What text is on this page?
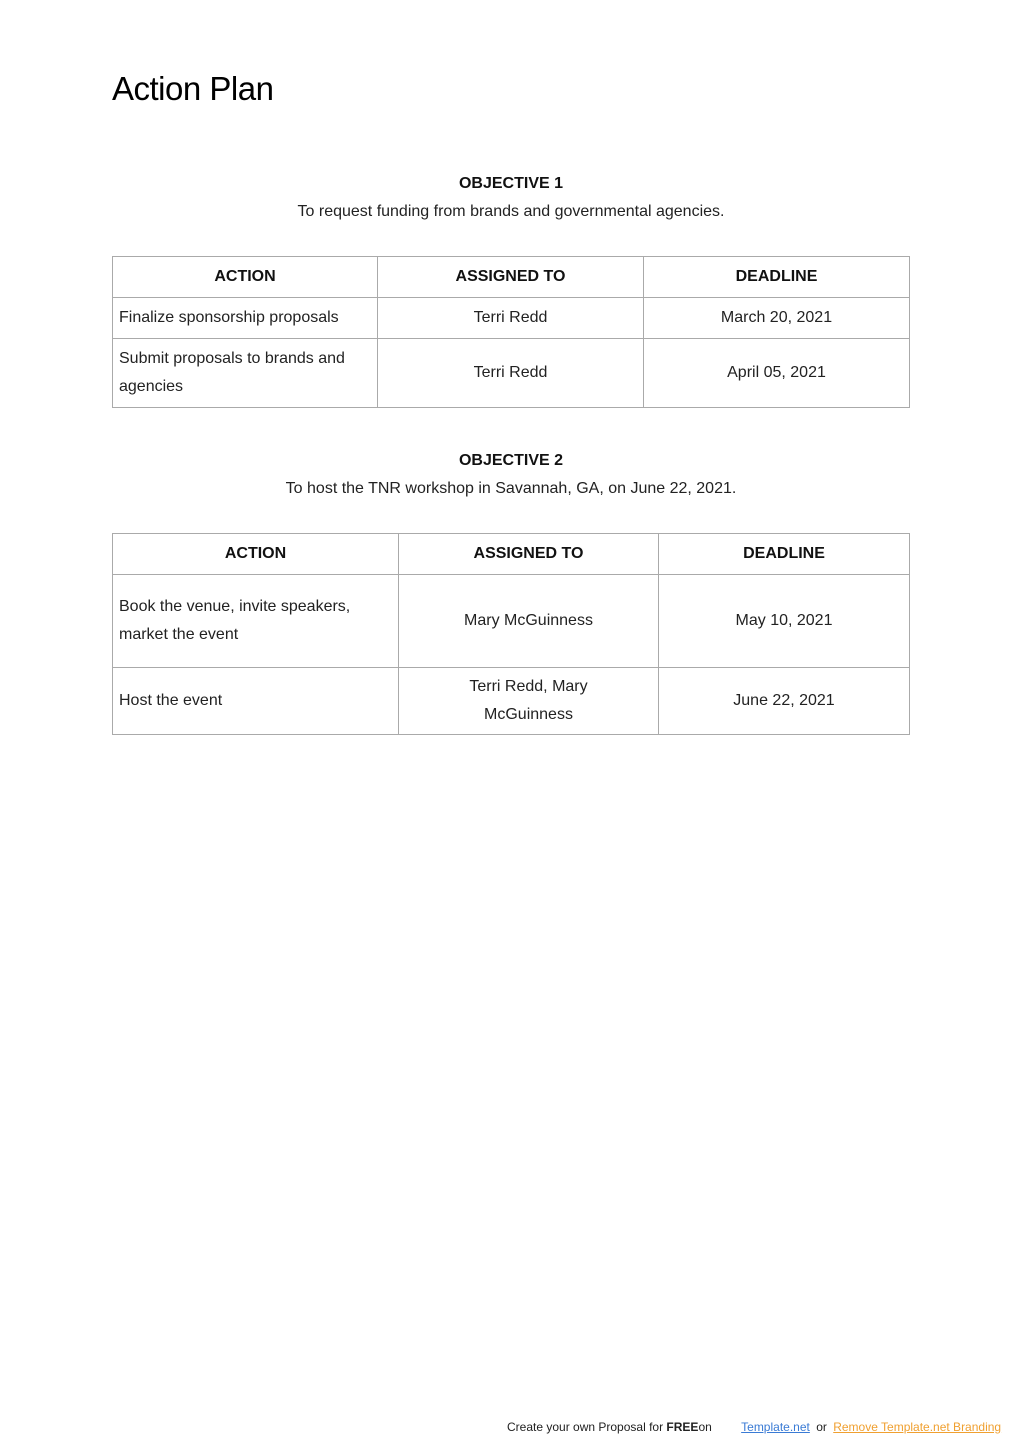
Action Plan
OBJECTIVE 1
To request funding from brands and governmental agencies.
ACTION	ASSIGNED TO	DEADLINE
Finalize sponsorship proposals	Terri Redd	March 20, 2021
Submit proposals to brands and agencies	Terri Redd	April 05, 2021
OBJECTIVE 2
To host the TNR workshop in Savannah, GA, on June 22, 2021.
ACTION	ASSIGNED TO	DEADLINE
Book the venue, invite speakers, market the event	Mary McGuinness	May 10, 2021
Host the event	Terri Redd, Mary McGuinness	June 22, 2021
Create your own Proposal for FREEon Template.net or Remove Template.net Branding
